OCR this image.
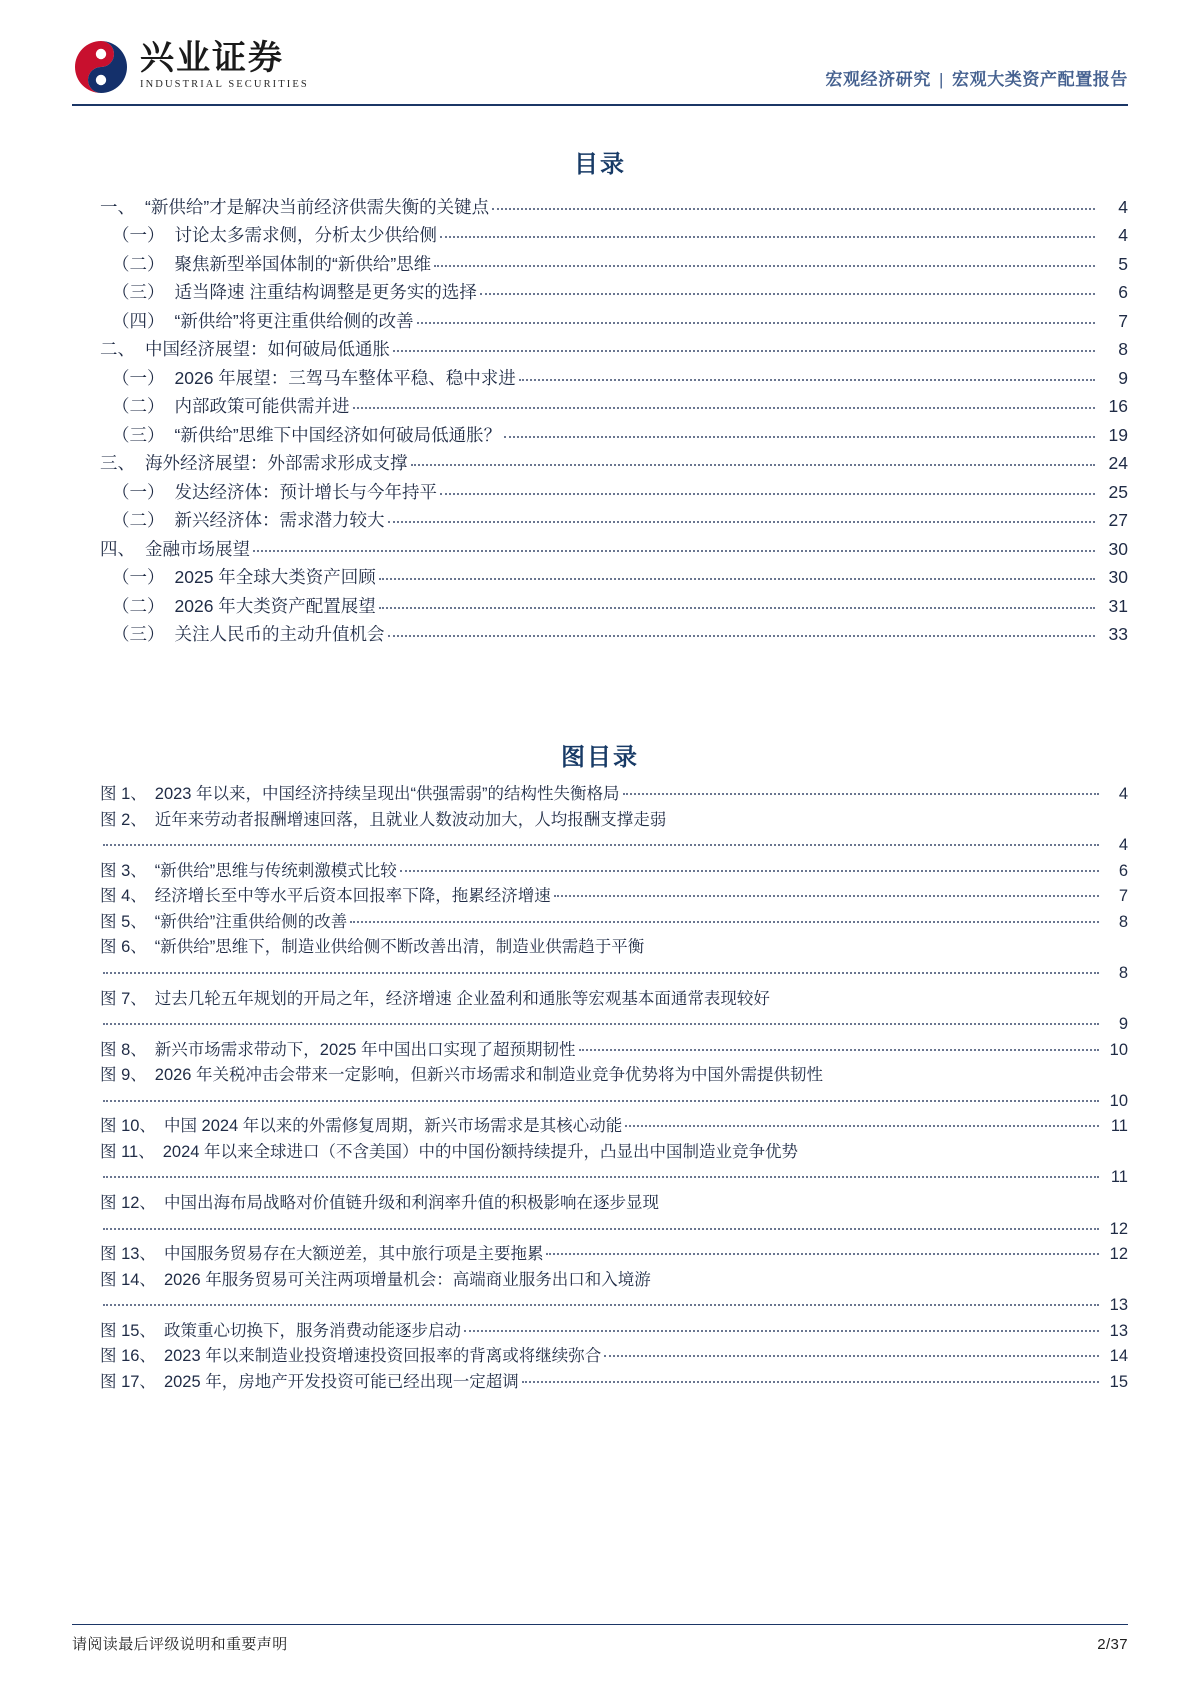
兴业证券
INDUSTRIAL SECURITIES	宏观经济研究 | 宏观大类资产配置报告
目录
一、 “新供给”才是解决当前经济供需失衡的关键点	4
（一） 讨论太多需求侧，分析太少供给侧	4
（二） 聚焦新型举国体制的“新供给”思维	5
（三） 适当降速 注重结构调整是更务实的选择	6
（四） “新供给”将更注重供给侧的改善	7
二、 中国经济展望：如何破局低通胀	8
（一） 2026 年展望：三驾马车整体平稳、稳中求进	9
（二） 内部政策可能供需并进	16
（三） “新供给”思维下中国经济如何破局低通胀？	19
三、 海外经济展望：外部需求形成支撑	24
（一） 发达经济体：预计增长与今年持平	25
（二） 新兴经济体：需求潜力较大	27
四、 金融市场展望	30
（一） 2025 年全球大类资产回顾	30
（二） 2026 年大类资产配置展望	31
（三） 关注人民币的主动升值机会	33
图目录
图 1、 2023 年以来，中国经济持续呈现出“供强需弱”的结构性失衡格局	4
图 2、 近年来劳动者报酬增速回落，且就业人数波动加大，人均报酬支撑走弱
4
图 3、 “新供给”思维与传统刺激模式比较	6
图 4、 经济增长至中等水平后资本回报率下降，拖累经济增速	7
图 5、 “新供给”注重供给侧的改善	8
图 6、 “新供给”思维下，制造业供给侧不断改善出清，制造业供需趋于平衡
8
图 7、 过去几轮五年规划的开局之年，经济增速 企业盈利和通胀等宏观基本面通常表现较好
9
图 8、 新兴市场需求带动下，2025 年中国出口实现了超预期韧性	10
图 9、 2026 年关税冲击会带来一定影响，但新兴市场需求和制造业竞争优势将为中国外需提供韧性
10
图 10、 中国 2024 年以来的外需修复周期，新兴市场需求是其核心动能	11
图 11、 2024 年以来全球进口（不含美国）中的中国份额持续提升，凸显出中国制造业竞争优势
11
图 12、 中国出海布局战略对价值链升级和利润率升值的积极影响在逐步显现
12
图 13、 中国服务贸易存在大额逆差，其中旅行项是主要拖累	12
图 14、 2026 年服务贸易可关注两项增量机会：高端商业服务出口和入境游
13
图 15、 政策重心切换下，服务消费动能逐步启动	13
图 16、 2023 年以来制造业投资增速投资回报率的背离或将继续弥合	14
图 17、 2025 年，房地产开发投资可能已经出现一定超调	15
请阅读最后评级说明和重要声明	2/37
